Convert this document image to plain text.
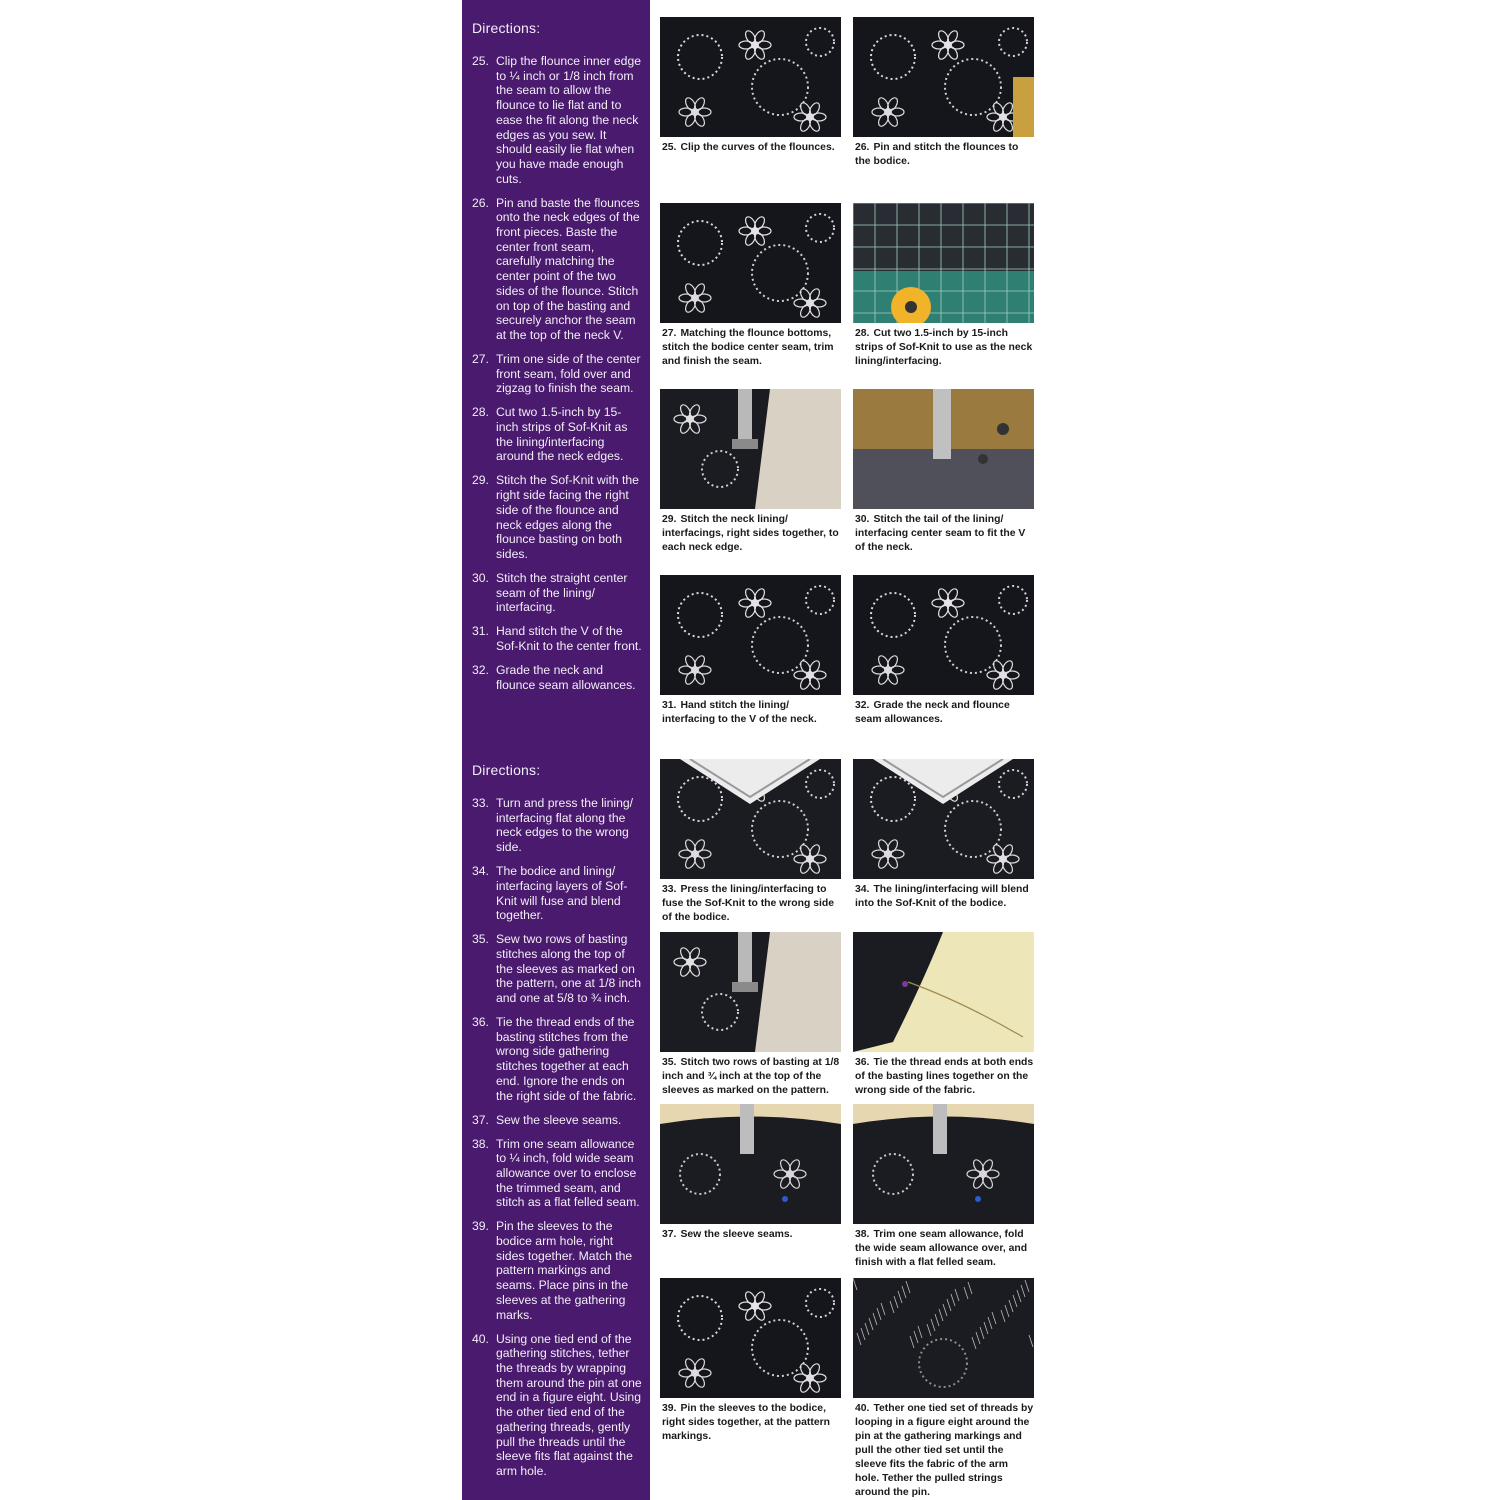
Directions:
25. Clip the flounce inner edge to ¼ inch or 1/8 inch from the seam to allow the flounce to lie flat and to ease the fit along the neck edges as you sew. It should easily lie flat when you have made enough cuts.
26. Pin and baste the flounces onto the neck edges of the front pieces. Baste the center front seam, carefully matching the center point of the two sides of the flounce. Stitch on top of the basting and securely anchor the seam at the top of the neck V.
27. Trim one side of the center front seam, fold over and zigzag to finish the seam.
28. Cut two 1.5-inch by 15-inch strips of Sof-Knit as the lining/interfacing around the neck edges.
29. Stitch the Sof-Knit with the right side facing the right side of the flounce and neck edges along the flounce basting on both sides.
30. Stitch the straight center seam of the lining/ interfacing.
31. Hand stitch the V of the Sof-Knit to the center front.
32. Grade the neck and flounce seam allowances.
Directions:
33. Turn and press the lining/ interfacing flat along the neck edges to the wrong side.
34. The bodice and lining/ interfacing layers of Sof-Knit will fuse and blend together.
35. Sew two rows of basting stitches along the top of the sleeves as marked on the pattern, one at 1/8 inch and one at 5/8 to ¾ inch.
36. Tie the thread ends of the basting stitches from the wrong side gathering stitches together at each end. Ignore the ends on the right side of the fabric.
37. Sew the sleeve seams.
38. Trim one seam allowance to ¼ inch, fold wide seam allowance over to enclose the trimmed seam, and stitch as a flat felled seam.
39. Pin the sleeves to the bodice arm hole, right sides together. Match the pattern markings and seams. Place pins in the sleeves at the gathering marks.
40. Using one tied end of the gathering stitches, tether the threads by wrapping them around the pin at one end in a figure eight. Using the other tied end of the gathering threads, gently pull the threads until the sleeve fits flat against the arm hole.
25. Clip the curves of the flounces.	26. Pin and stitch the flounces to the bodice.
27. Matching the flounce bottoms, stitch the bodice center seam, trim and finish the seam.
28. Cut two 1.5-inch by 15-inch strips of Sof-Knit to use as the neck lining/interfacing.
29. Stitch the neck lining/ interfacings, right sides together, to each neck edge.
30. Stitch the tail of the lining/ interfacing center seam to fit the V of the neck.
31. Hand stitch the lining/ interfacing to the V of the neck.
32. Grade the neck and flounce seam allowances.
33. Press the lining/interfacing to fuse the Sof-Knit to the wrong side of the bodice.
34. The lining/interfacing will blend into the Sof-Knit of the bodice.
35. Stitch two rows of basting at 1/8 inch and ¾ inch at the top of the sleeves as marked on the pattern.
36. Tie the thread ends at both ends of the basting lines together on the wrong side of the fabric.
37. Sew the sleeve seams.	38. Trim one seam allowance, fold the wide seam allowance over, and finish with a flat felled seam.
39. Pin the sleeves to the bodice, right sides together, at the pattern markings.
40. Tether one tied set of threads by looping in a figure eight around the pin at the gathering markings and pull the other tied set until the sleeve fits the fabric of the arm hole. Tether the pulled strings around the pin.
